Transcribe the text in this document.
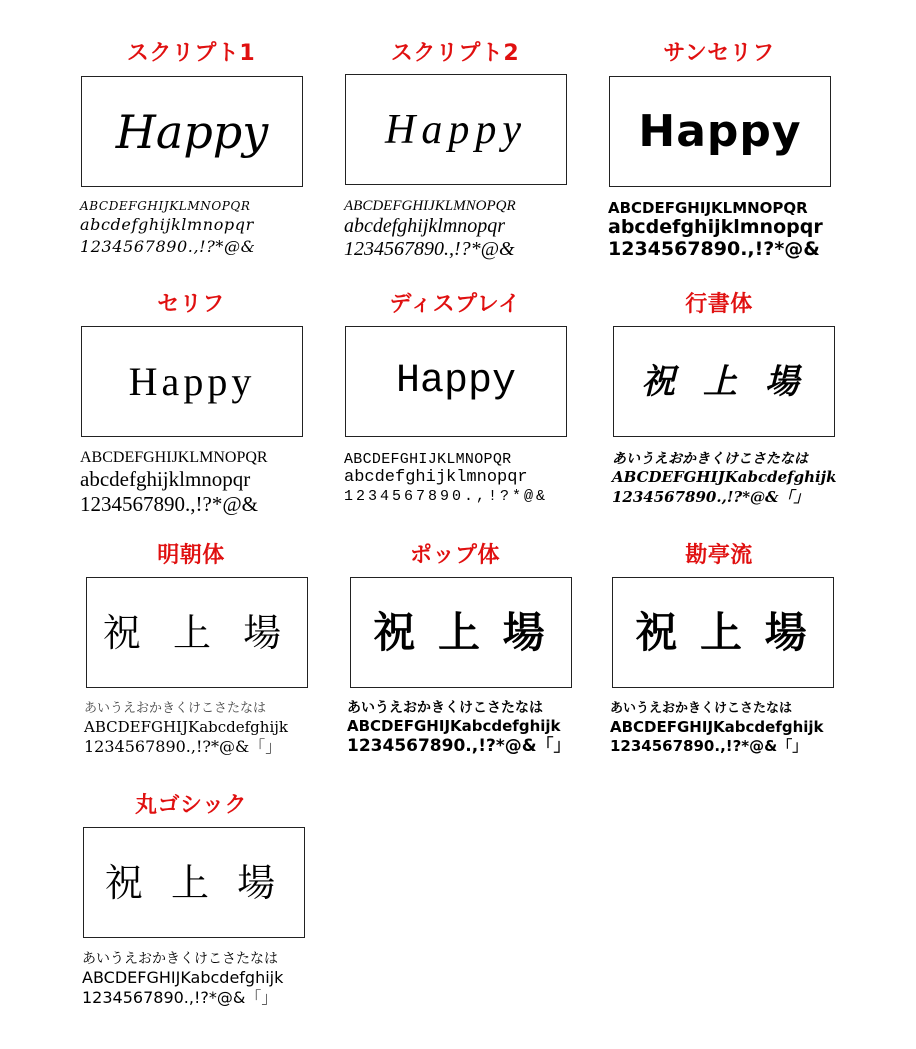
スクリプト1
Happy
ABCDEFGHIJKLMNOPQR
abcdefghijklmnopqr
1234567890.,!?*@&
スクリプト2
Happy
ABCDEFGHIJKLMNOPQR
abcdefghijklmnopqr
1234567890.,!?*@&
サンセリフ
Happy
ABCDEFGHIJKLMNOPQR
abcdefghijklmnopqr
1234567890.,!?*@&
セリフ
Happy
ABCDEFGHIJKLMNOPQR
abcdefghijklmnopqr
1234567890.,!?*@&
ディスプレイ
Happy
ABCDEFGHIJKLMNOPQR
abcdefghijklmnopqr
1234567890.,!?*@&
行書体
祝 上 場
あいうえおかきくけこさたなは
ABCDEFGHIJKabcdefghijk
1234567890.,!?*@&「」
明朝体
祝 上 場
あいうえおかきくけこさたなは
ABCDEFGHIJKabcdefghijk
1234567890.,!?*@&「」
ポップ体
祝 上 場
あいうえおかきくけこさたなは
ABCDEFGHIJKabcdefghijk
1234567890.,!?*@&「」
勘亭流
祝 上 場
あいうえおかきくけこさたなは
ABCDEFGHIJKabcdefghijk
1234567890.,!?*@&「」
丸ゴシック
祝 上 場
あいうえおかきくけこさたなは
ABCDEFGHIJKabcdefghijk
1234567890.,!?*@&「」
